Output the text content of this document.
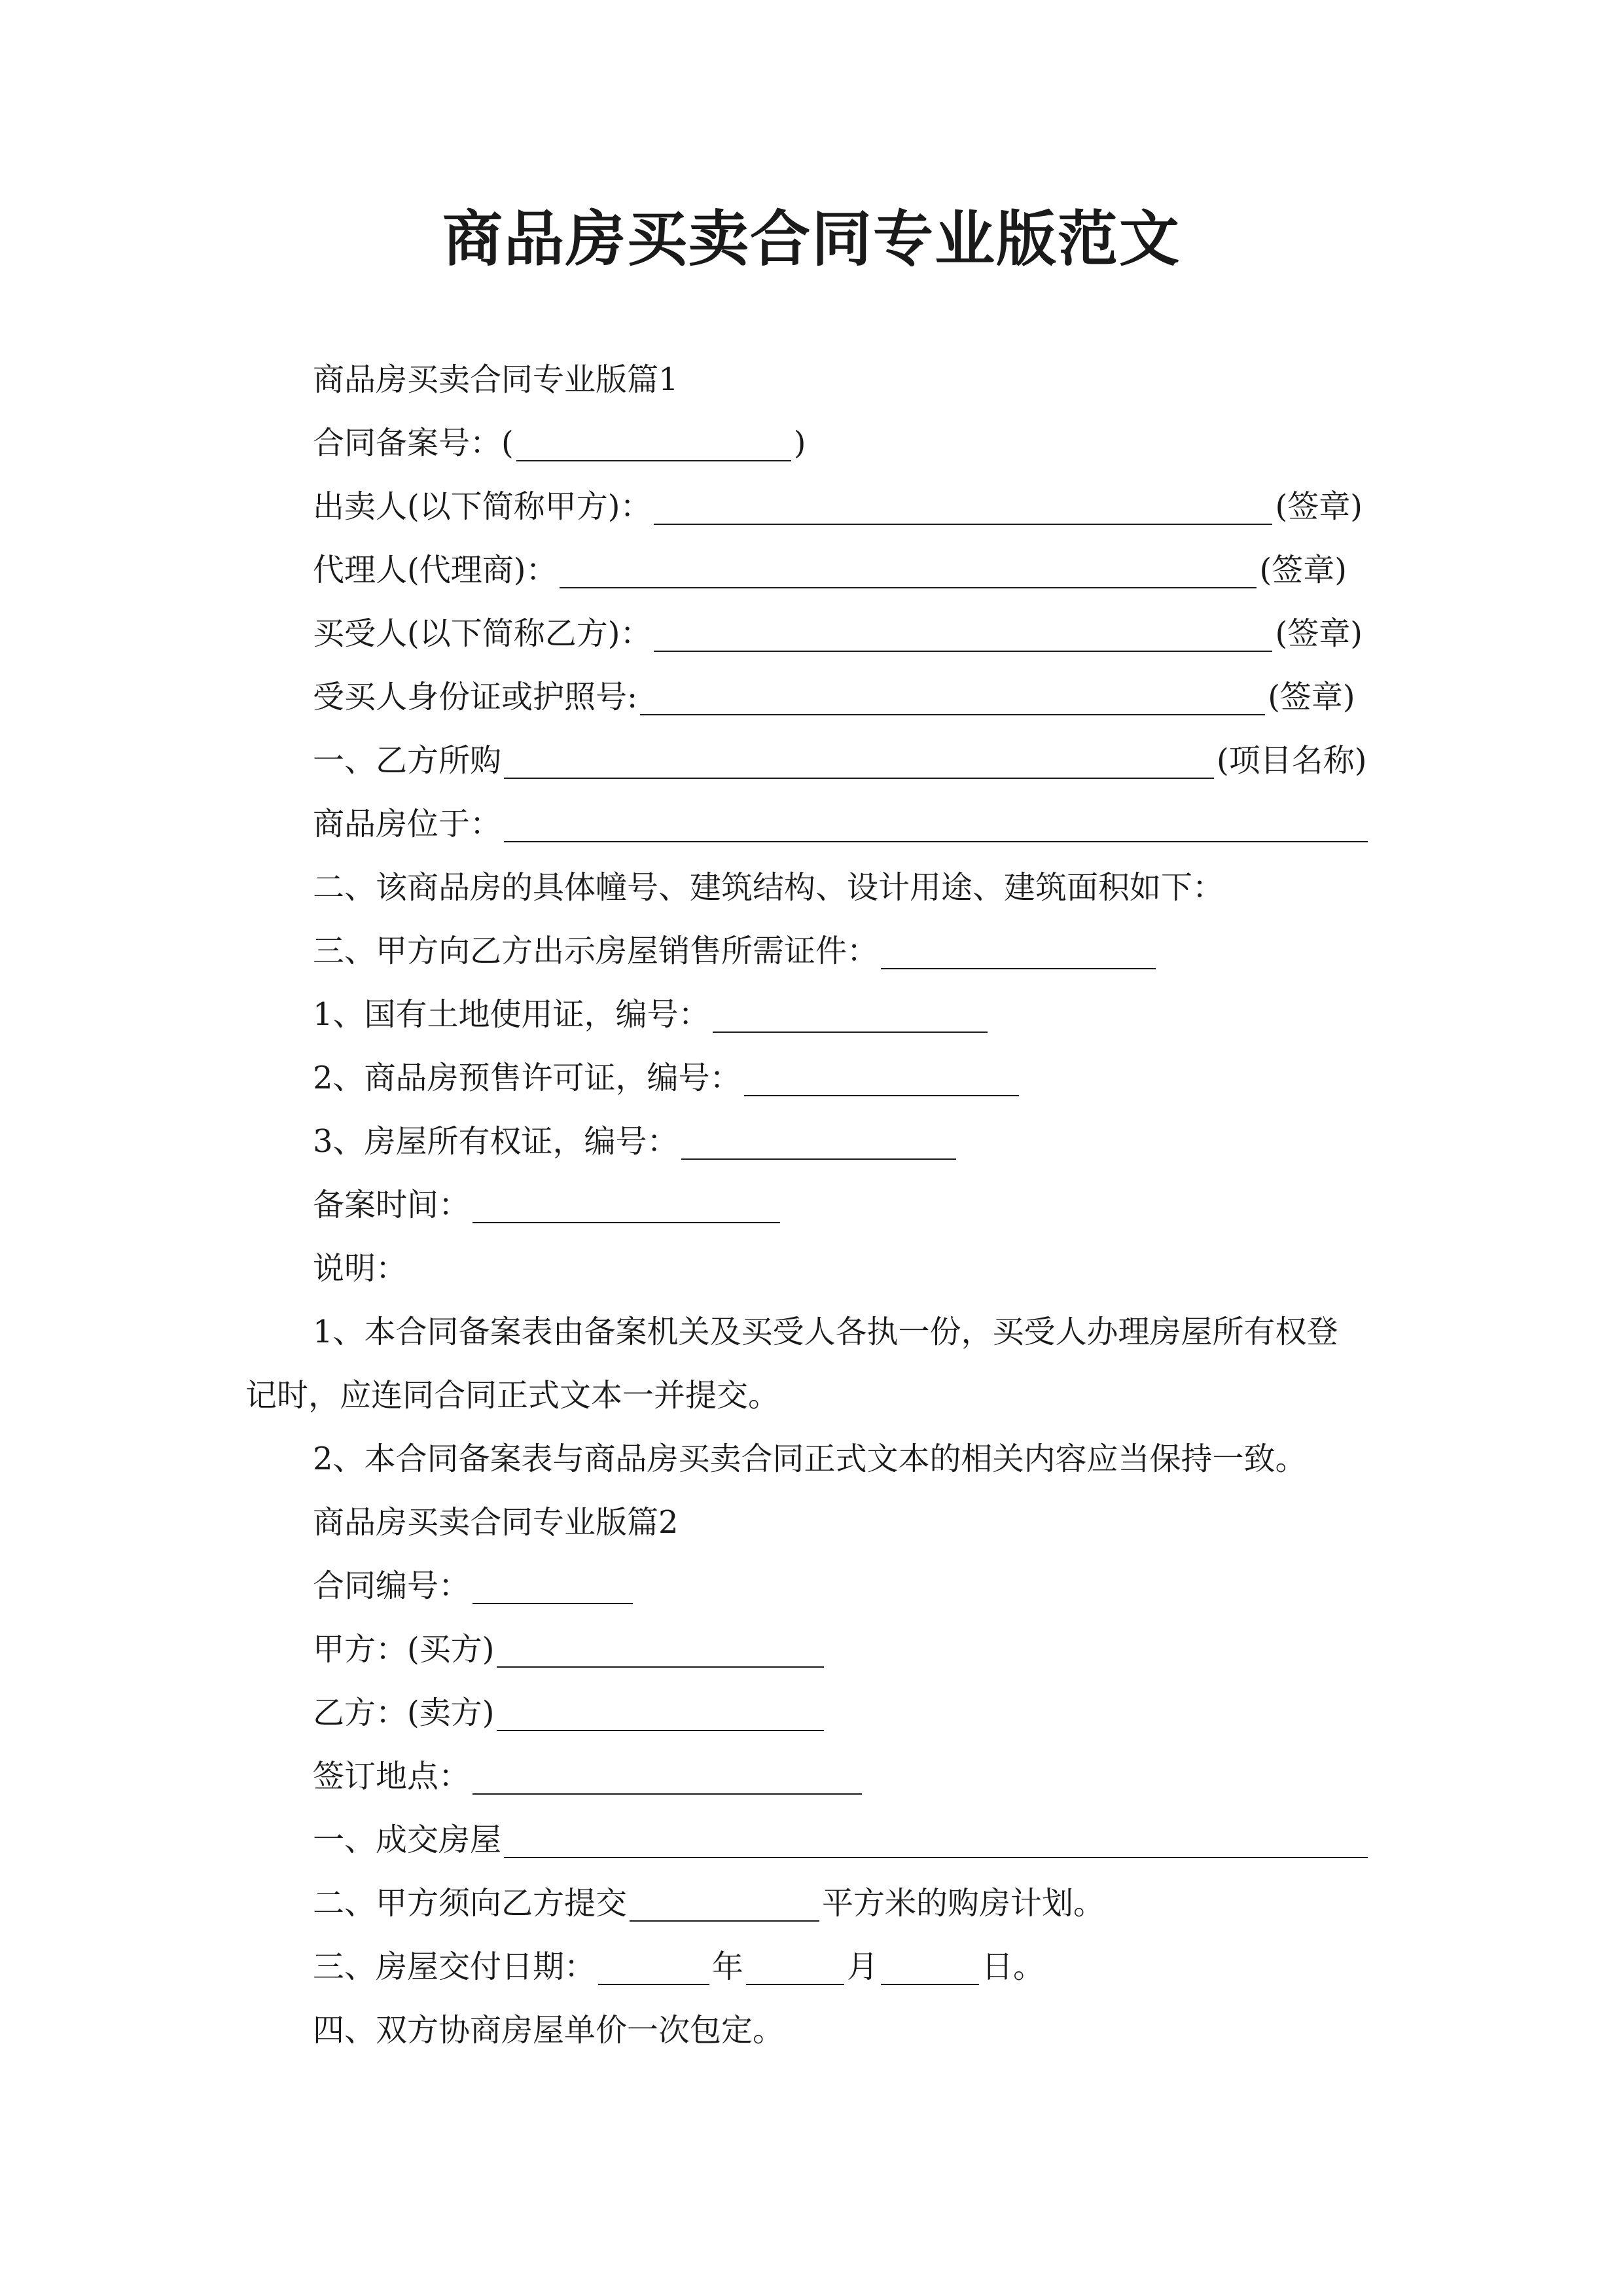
商品房买卖合同专业版范文
商品房买卖合同专业版篇1
合同备案号：(	)
出卖人(以下简称甲方)：	(签章)
代理人(代理商)：	(签章)
买受人(以下简称乙方)：	(签章)
受买人身份证或护照号:	(签章)
一、乙方所购	(项目名称)
商品房位于：
二、该商品房的具体幢号、建筑结构、设计用途、建筑面积如下：
三、甲方向乙方出示房屋销售所需证件：
1、国有土地使用证，编号：
2、商品房预售许可证，编号：
3、房屋所有权证，编号：
备案时间：
说明：
1、本合同备案表由备案机关及买受人各执一份，买受人办理房屋所有权登
记时，应连同合同正式文本一并提交。
2、本合同备案表与商品房买卖合同正式文本的相关内容应当保持一致。
商品房买卖合同专业版篇2
合同编号：
甲方：(买方)
乙方：(卖方)
签订地点：
一、成交房屋
二、甲方须向乙方提交	平方米的购房计划。
三、房屋交付日期：	年	月	日。
四、双方协商房屋单价一次包定。
